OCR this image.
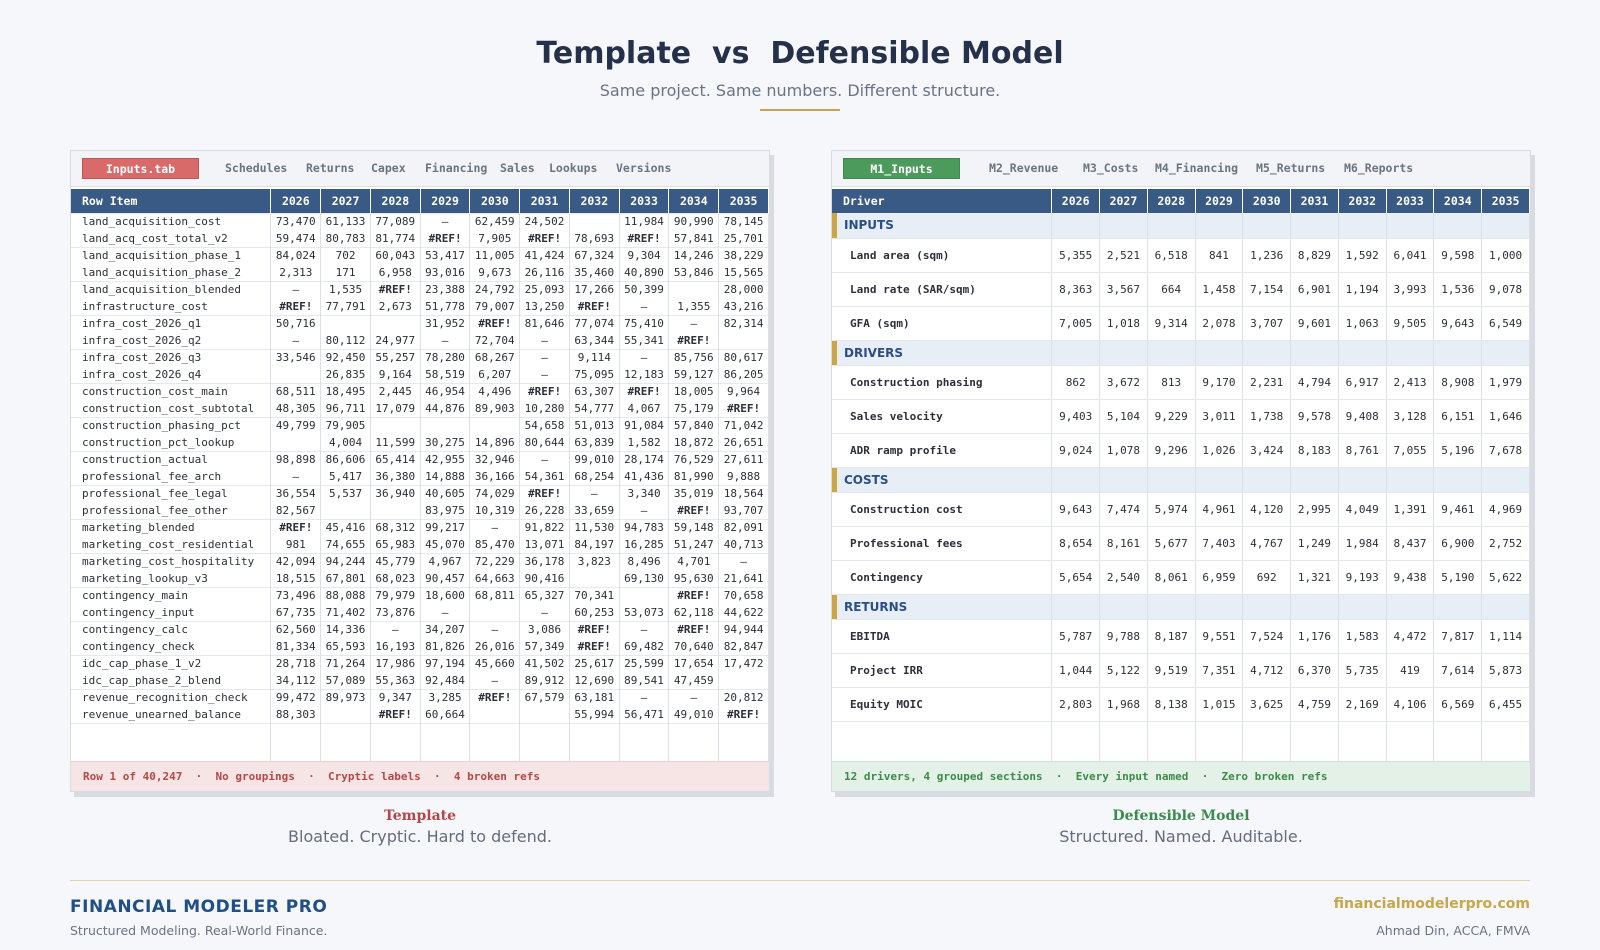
Template  vs  Defensible Model
Same project. Same numbers. Different structure.
Inputs.tab	Schedules Returns Capex Financing Sales Lookups Versions
Row Item	2026	2027	2028	2029	2030	2031	2032	2033	2034	2035
land_acquisition_cost	73,470	61,133	77,089	—	62,459	24,502		11,984	90,990	78,145
land_acq_cost_total_v2	59,474	80,783	81,774	#REF!	7,905	#REF!	78,693	#REF!	57,841	25,701
land_acquisition_phase_1	84,024	702	60,043	53,417	11,005	41,424	67,324	9,304	14,246	38,229
land_acquisition_phase_2	2,313	171	6,958	93,016	9,673	26,116	35,460	40,890	53,846	15,565
land_acquisition_blended	—	1,535	#REF!	23,388	24,792	25,093	17,266	50,399		28,000
infrastructure_cost	#REF!	77,791	2,673	51,778	79,007	13,250	#REF!	—	1,355	43,216
infra_cost_2026_q1	50,716			31,952	#REF!	81,646	77,074	75,410	—	82,314
infra_cost_2026_q2	—	80,112	24,977	—	72,704	—	63,344	55,341	#REF!	
infra_cost_2026_q3	33,546	92,450	55,257	78,280	68,267	—	9,114	—	85,756	80,617
infra_cost_2026_q4		26,835	9,164	58,519	6,207	—	75,095	12,183	59,127	86,205
construction_cost_main	68,511	18,495	2,445	46,954	4,496	#REF!	63,307	#REF!	18,005	9,964
construction_cost_subtotal	48,305	96,711	17,079	44,876	89,903	10,280	54,777	4,067	75,179	#REF!
construction_phasing_pct	49,799	79,905				54,658	51,013	91,084	57,840	71,042
construction_pct_lookup		4,004	11,599	30,275	14,896	80,644	63,839	1,582	18,872	26,651
construction_actual	98,898	86,606	65,414	42,955	32,946	—	99,010	28,174	76,529	27,611
professional_fee_arch	—	5,417	36,380	14,888	36,166	54,361	68,254	41,436	81,990	9,888
professional_fee_legal	36,554	5,537	36,940	40,605	74,029	#REF!	—	3,340	35,019	18,564
professional_fee_other	82,567			83,975	10,319	26,228	33,659	—	#REF!	93,707
marketing_blended	#REF!	45,416	68,312	99,217	—	91,822	11,530	94,783	59,148	82,091
marketing_cost_residential	981	74,655	65,983	45,070	85,470	13,071	84,197	16,285	51,247	40,713
marketing_cost_hospitality	42,094	94,244	45,779	4,967	72,229	36,178	3,823	8,496	4,701	—
marketing_lookup_v3	18,515	67,801	68,023	90,457	64,663	90,416		69,130	95,630	21,641
contingency_main	73,496	88,088	79,979	18,600	68,811	65,327	70,341		#REF!	70,658
contingency_input	67,735	71,402	73,876	—		—	60,253	53,073	62,118	44,622
contingency_calc	62,560	14,336	—	34,207	—	3,086	#REF!	—	#REF!	94,944
contingency_check	81,334	65,593	16,193	81,826	26,016	57,349	#REF!	69,482	70,640	82,847
idc_cap_phase_1_v2	28,718	71,264	17,986	97,194	45,660	41,502	25,617	25,599	17,654	17,472
idc_cap_phase_2_blend	34,112	57,089	55,363	92,484	—	89,912	12,690	89,541	47,459	
revenue_recognition_check	99,472	89,973	9,347	3,285	#REF!	67,579	63,181	—	—	20,812
revenue_unearned_balance	88,303		#REF!	60,664			55,994	56,471	49,010	#REF!

Row 1 of 40,247  ·  No groupings  ·  Cryptic labels  ·  4 broken refs
M1_Inputs	M2_Revenue M3_Costs M4_Financing M5_Returns M6_Reports
Driver	2026	2027	2028	2029	2030	2031	2032	2033	2034	2035
INPUTS										
Land area (sqm)	5,355	2,521	6,518	841	1,236	8,829	1,592	6,041	9,598	1,000
Land rate (SAR/sqm)	8,363	3,567	664	1,458	7,154	6,901	1,194	3,993	1,536	9,078
GFA (sqm)	7,005	1,018	9,314	2,078	3,707	9,601	1,063	9,505	9,643	6,549
DRIVERS										
Construction phasing	862	3,672	813	9,170	2,231	4,794	6,917	2,413	8,908	1,979
Sales velocity	9,403	5,104	9,229	3,011	1,738	9,578	9,408	3,128	6,151	1,646
ADR ramp profile	9,024	1,078	9,296	1,026	3,424	8,183	8,761	7,055	5,196	7,678
COSTS										
Construction cost	9,643	7,474	5,974	4,961	4,120	2,995	4,049	1,391	9,461	4,969
Professional fees	8,654	8,161	5,677	7,403	4,767	1,249	1,984	8,437	6,900	2,752
Contingency	5,654	2,540	8,061	6,959	692	1,321	9,193	9,438	5,190	5,622
RETURNS										
EBITDA	5,787	9,788	8,187	9,551	7,524	1,176	1,583	4,472	7,817	1,114
Project IRR	1,044	5,122	9,519	7,351	4,712	6,370	5,735	419	7,614	5,873
Equity MOIC	2,803	1,968	8,138	1,015	3,625	4,759	2,169	4,106	6,569	6,455

12 drivers, 4 grouped sections  ·  Every input named  ·  Zero broken refs
Template
Bloated. Cryptic. Hard to defend.
Defensible Model
Structured. Named. Auditable.
FINANCIAL MODELER PRO
Structured Modeling. Real-World Finance.
financialmodelerpro.com
Ahmad Din, ACCA, FMVA
